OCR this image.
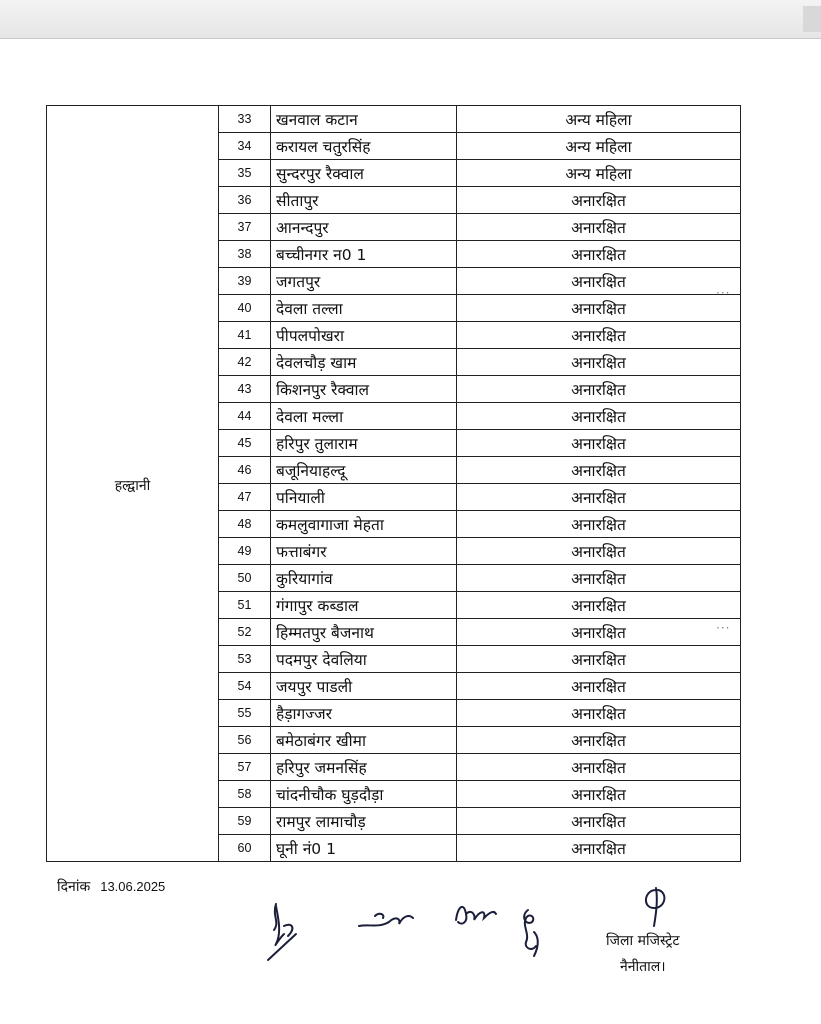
हल्द्वानी	33	खनवाल कटान	अन्य महिला
	34	करायल चतुरसिंह	अन्य महिला
	35	सुन्दरपुर रैक्वाल	अन्य महिला
	36	सीतापुर	अनारक्षित
	37	आनन्दपुर	अनारक्षित
	38	बच्चीनगर न0 1	अनारक्षित
	39	जगतपुर	अनारक्षित
	40	देवला तल्ला	अनारक्षित
	41	पीपलपोखरा	अनारक्षित
	42	देवलचौड़ खाम	अनारक्षित
	43	किशनपुर रैक्वाल	अनारक्षित
	44	देवला मल्ला	अनारक्षित
	45	हरिपुर तुलाराम	अनारक्षित
	46	बजूनियाहल्दू	अनारक्षित
	47	पनियाली	अनारक्षित
	48	कमलुवागाजा मेहता	अनारक्षित
	49	फत्ताबंगर	अनारक्षित
	50	कुरियागांव	अनारक्षित
	51	गंगापुर कब्डाल	अनारक्षित
	52	हिम्मतपुर बैजनाथ	अनारक्षित
	53	पदमपुर देवलिया	अनारक्षित
	54	जयपुर पाडली	अनारक्षित
	55	हैड़ागज्जर	अनारक्षित
	56	बमेठाबंगर खीमा	अनारक्षित
	57	हरिपुर जमनसिंह	अनारक्षित
	58	चांदनीचौक घुड़दौड़ा	अनारक्षित
	59	रामपुर लामाचौड़	अनारक्षित
	60	घूनी नं0 1	अनारक्षित
···
···
दिनांक 13.06.2025
जिला मजिस्ट्रेट
नैनीताल।
